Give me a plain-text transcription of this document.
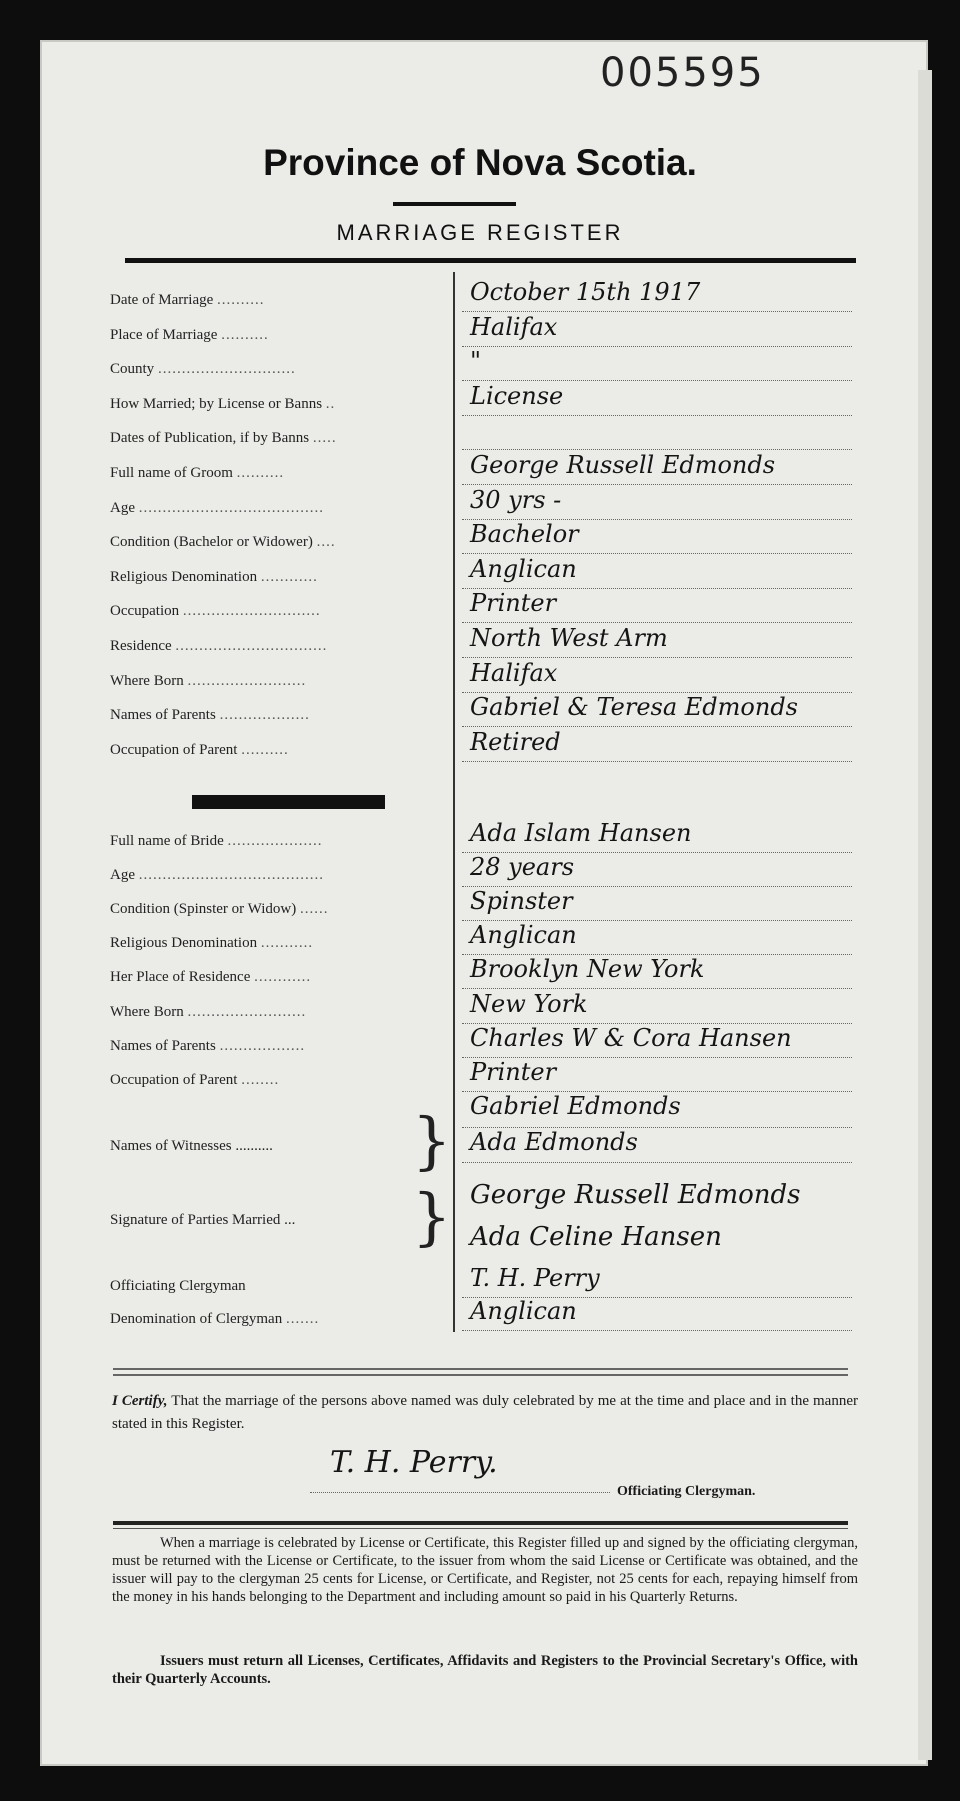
005595
Province of Nova Scotia.
MARRIAGE REGISTER
Date of Marriage ..........	October 15th 1917
Place of Marriage ..........	Halifax
County .............................	"
How Married; by License or Banns ..	License
Dates of Publication, if by Banns .....
Full name of Groom ..........	George Russell Edmonds
Age .......................................	30 yrs -
Condition (Bachelor or Widower) ....	Bachelor
Religious Denomination ............	Anglican
Occupation .............................	Printer
Residence ................................	North West Arm
Where Born .........................	Halifax
Names of Parents ...................	Gabriel & Teresa Edmonds
Occupation of Parent ..........	Retired
Full name of Bride ....................	Ada Islam Hansen
Age .......................................	28 years
Condition (Spinster or Widow) ......	Spinster
Religious Denomination ...........	Anglican
Her Place of Residence ............	Brooklyn New York
Where Born .........................	New York
Names of Parents ..................	Charles W & Cora Hansen
Occupation of Parent ........	Printer
Names of Witnesses .......... } Gabriel Edmonds
Ada Edmonds
Signature of Parties Married ... } George Russell Edmonds
Ada Celine Hansen
Officiating Clergyman	T. H. Perry
Denomination of Clergyman .......	Anglican
I Certify, That the marriage of the persons above named was duly celebrated by me at the time and place and in the manner stated in this Register.
T. H. Perry.
Officiating Clergyman.
When a marriage is celebrated by License or Certificate, this Register filled up and signed by the officiating clergyman, must be returned with the License or Certificate, to the issuer from whom the said License or Certificate was obtained, and the issuer will pay to the clergyman 25 cents for License, or Certificate, and Register, not 25 cents for each, repaying himself from the money in his hands belonging to the Department and including amount so paid in his Quarterly Returns.
Issuers must return all Licenses, Certificates, Affidavits and Registers to the Provincial Secretary's Office, with their Quarterly Accounts.
